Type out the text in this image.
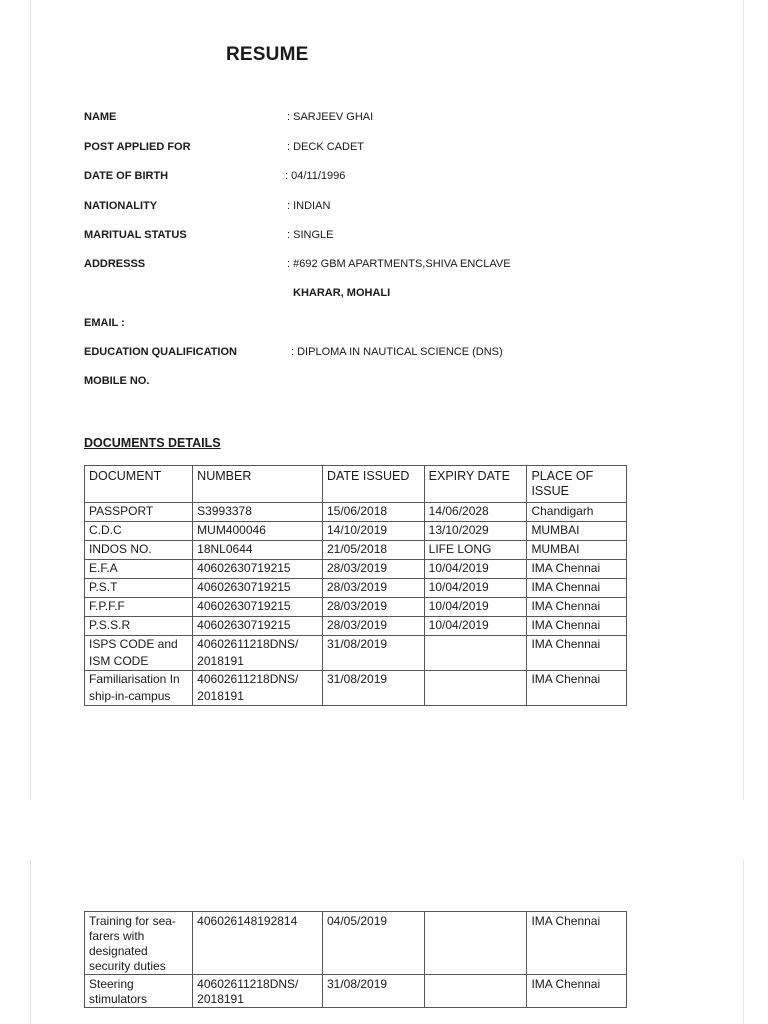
RESUME
NAME	: SARJEEV GHAI
POST APPLIED FOR	: DECK CADET
DATE OF BIRTH	: 04/11/1996
NATIONALITY	: INDIAN
MARITUAL STATUS	: SINGLE
ADDRESSS	: #692 GBM APARTMENTS,SHIVA ENCLAVE
KHARAR, MOHALI
EMAIL :
EDUCATION QUALIFICATION	: DIPLOMA IN NAUTICAL SCIENCE (DNS)
MOBILE NO.
DOCUMENTS DETAILS
DOCUMENT	NUMBER	DATE ISSUED	EXPIRY DATE	PLACE OF ISSUE
PASSPORT	S3993378	15/06/2018	14/06/2028	Chandigarh
C.D.C	MUM400046	14/10/2019	13/10/2029	MUMBAI
INDOS NO.	18NL0644	21/05/2018	LIFE LONG	MUMBAI
E.F.A	40602630719215	28/03/2019	10/04/2019	IMA Chennai
P.S.T	40602630719215	28/03/2019	10/04/2019	IMA Chennai
F.P.F.F	40602630719215	28/03/2019	10/04/2019	IMA Chennai
P.S.S.R	40602630719215	28/03/2019	10/04/2019	IMA Chennai
ISPS CODE and ISM CODE	40602611218DNS/ 2018191	31/08/2019		IMA Chennai
Familiarisation In ship-in-campus	40602611218DNS/ 2018191	31/08/2019		IMA Chennai
Training for sea-farers with designated security duties	406026148192814	04/05/2019		IMA Chennai
Steering stimulators	40602611218DNS/ 2018191	31/08/2019		IMA Chennai
